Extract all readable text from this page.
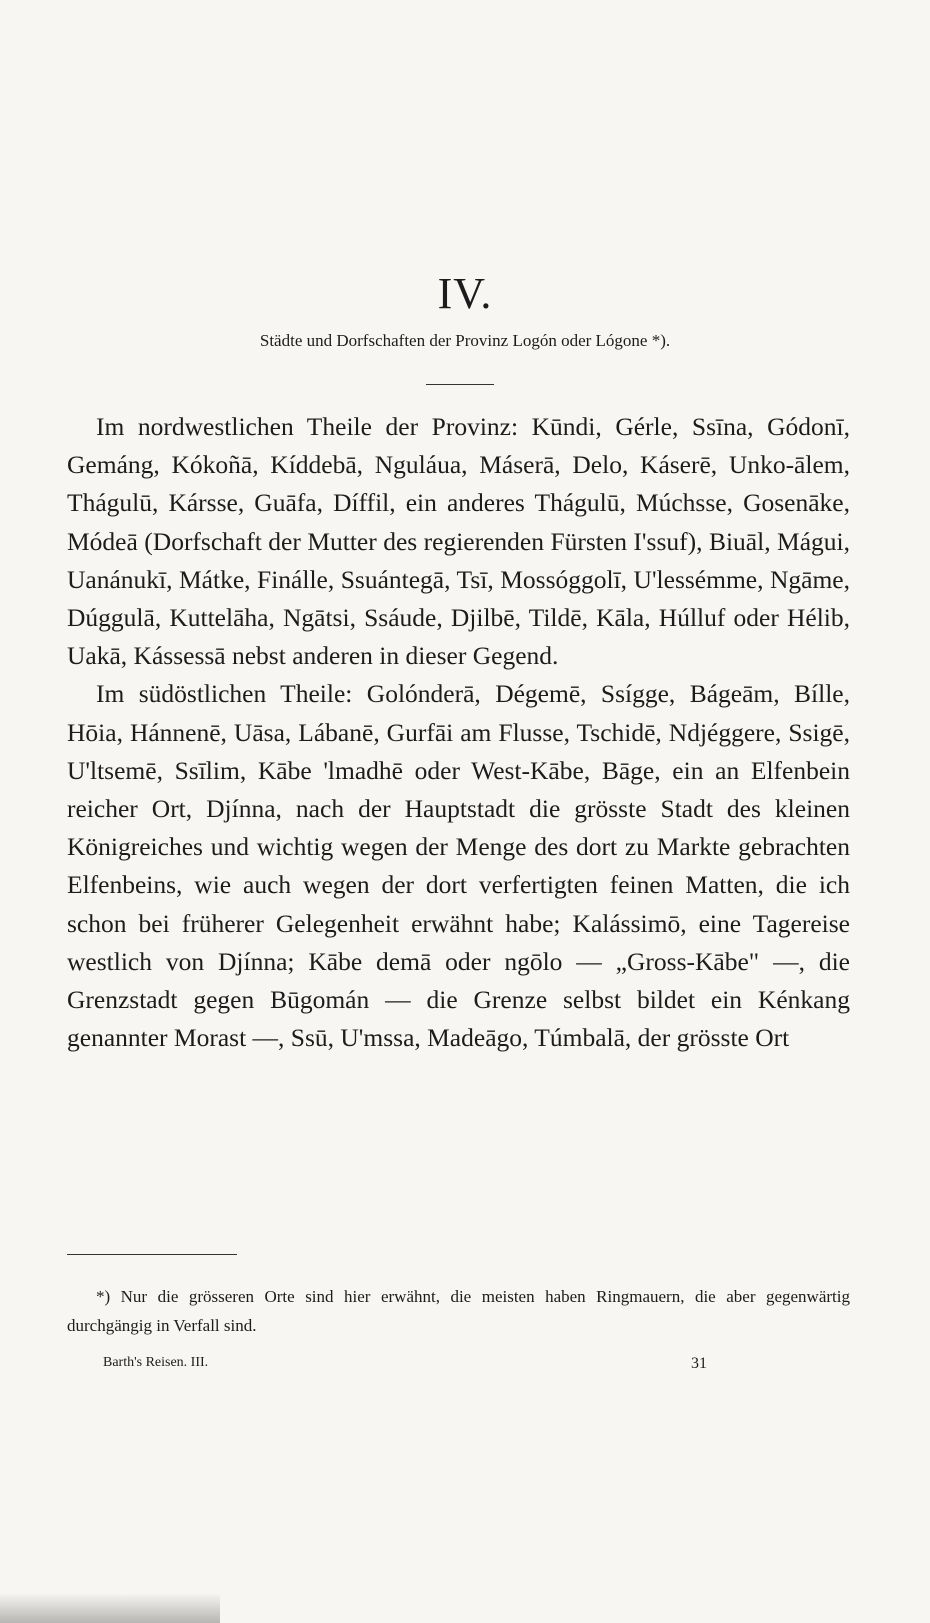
IV.
Städte und Dorfschaften der Provinz Logón oder Lógone *).

Im nordwestlichen Theile der Provinz: Kūndi, Gérle, Ssīna, Gódonī, Gemáng, Kókoñā, Kíddebā, Nguláua, Máserā, Delo, Káserē, Unko-ālem, Thágulū, Kársse, Guāfa, Díffil, ein anderes Thágulū, Múchsse, Gosenāke, Módeā (Dorfschaft der Mutter des regierenden Fürsten I'ssuf), Biuāl, Mágui, Uanánukī, Mátke, Finálle, Ssuántegā, Tsī, Mossóggolī, U'lessémme, Ngāme, Dúggulā, Kuttelāha, Ngātsi, Ssáude, Djilbē, Tildē, Kāla, Húlluf oder Hélib, Uakā, Kássessā nebst anderen in dieser Gegend.

Im südöstlichen Theile: Golónderā, Dégemē, Ssígge, Bágeām, Bílle, Hōia, Hánnenē, Uāsa, Lábanē, Gurfāi am Flusse, Tschidē, Ndjéggere, Ssigē, U'ltsemē, Ssīlim, Kābe 'lmadhē oder West-Kābe, Bāge, ein an Elfenbein reicher Ort, Djínna, nach der Hauptstadt die grösste Stadt des kleinen Königreiches und wichtig wegen der Menge des dort zu Markte gebrachten Elfenbeins, wie auch wegen der dort verfertigten feinen Matten, die ich schon bei früherer Gelegenheit erwähnt habe; Kalássimō, eine Tagereise westlich von Djínna; Kābe demā oder ngōlo — „Gross-Kābe" —, die Grenzstadt gegen Būgomán — die Grenze selbst bildet ein Kénkang genannter Morast —, Ssū, U'mssa, Madeāgo, Túmbalā, der grösste Ort

*) Nur die grösseren Orte sind hier erwähnt, die meisten haben Ringmauern, die aber gegenwärtig durchgängig in Verfall sind.

Barth's Reisen. III.	31
